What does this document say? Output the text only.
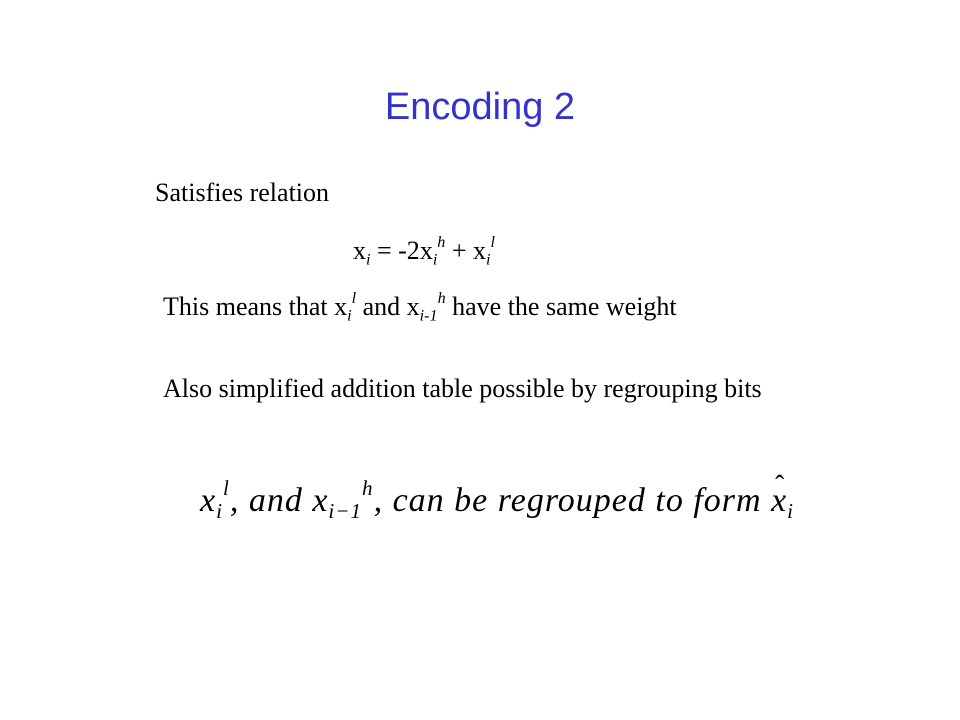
Encoding 2
Satisfies relation
$x_i = -2x_i^h + x_i^l$
This means that $x_i^l$ and $x_{i-1}^h$ have the same weight
Also simplified addition table possible by regrouping bits
$x_i^l$, and $x_{i-1}^h$, can be regrouped to form ˆ $x_i$
